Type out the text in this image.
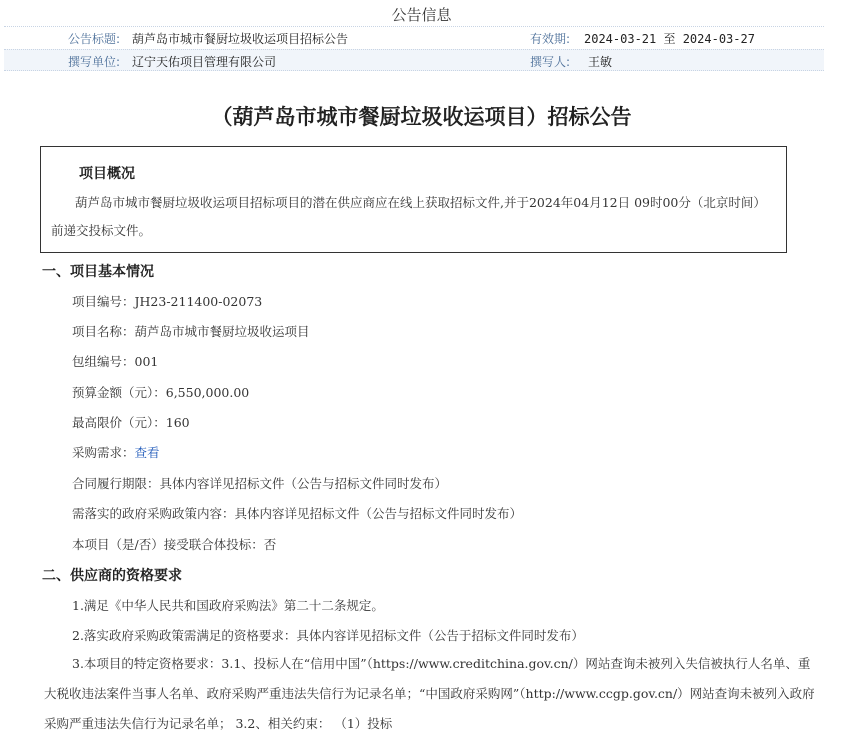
公告信息
公告标题: 葫芦岛市城市餐厨垃圾收运项目招标公告	有效期: 2024-03-21 至 2024-03-27
撰写单位: 辽宁天佑项目管理有限公司	撰写人: 王敏
（葫芦岛市城市餐厨垃圾收运项目）招标公告
项目概况
葫芦岛市城市餐厨垃圾收运项目招标项目的潜在供应商应在线上获取招标文件,并于2024年04月12日 09时00分（北京时间）前递交投标文件。
一、项目基本情况
项目编号：JH23-211400-02073
项目名称：葫芦岛市城市餐厨垃圾收运项目
包组编号：001
预算金额（元）：6,550,000.00
最高限价（元）：160
采购需求：查看
合同履行期限：具体内容详见招标文件（公告与招标文件同时发布）
需落实的政府采购政策内容：具体内容详见招标文件（公告与招标文件同时发布）
本项目（是/否）接受联合体投标：否
二、供应商的资格要求
1.满足《中华人民共和国政府采购法》第二十二条规定。
2.落实政府采购政策需满足的资格要求：具体内容详见招标文件（公告于招标文件同时发布）
3.本项目的特定资格要求：3.1、投标人在“信用中国”（https://www.creditchina.gov.cn/）网站查询未被列入失信被执行人名单、重大税收违法案件当事人名单、政府采购严重违法失信行为记录名单；“中国政府采购网”（http://www.ccgp.gov.cn/）网站查询未被列入政府采购严重违法失信行为记录名单； 3.2、相关约束： （1）投标
